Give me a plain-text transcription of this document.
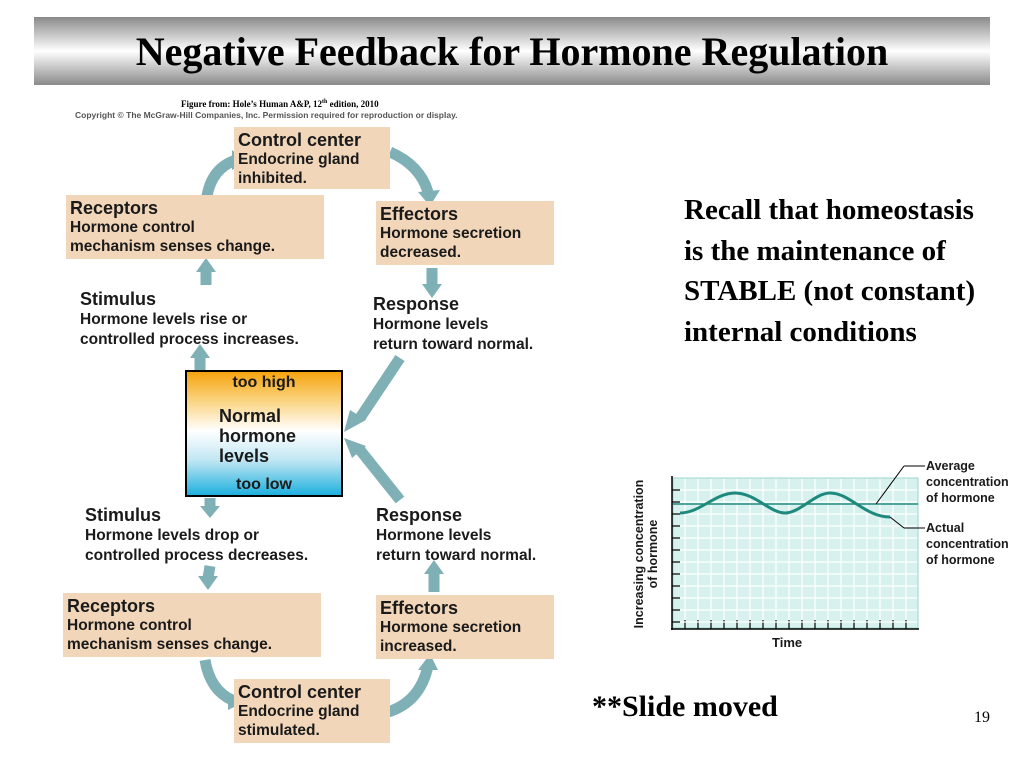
Negative Feedback for Hormone Regulation
Figure from: Hole’s Human A&P, 12th edition, 2010
Copyright © The McGraw-Hill Companies, Inc. Permission required for reproduction or display.
Control center
Endocrine gland
inhibited.
Receptors
Hormone control
mechanism senses change.
Effectors
Hormone secretion
decreased.
Stimulus
Hormone levels rise or
controlled process increases.
Response
Hormone levels
return toward normal.
too high
Normal
hormone
levels
too low
Stimulus
Hormone levels drop or
controlled process decreases.
Response
Hormone levels
return toward normal.
Receptors
Hormone control
mechanism senses change.
Effectors
Hormone secretion
increased.
Control center
Endocrine gland
stimulated.
Recall that homeostasis is the maintenance of STABLE (not constant) internal conditions
Increasing concentration of hormone
Time
Average
concentration
of hormone
Actual
concentration
of hormone
**Slide moved	19
